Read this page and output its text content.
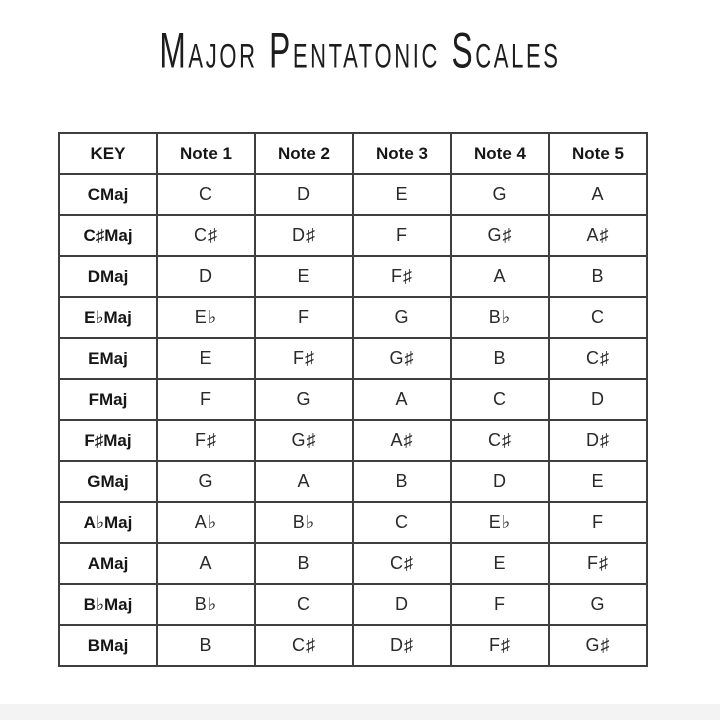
Major Pentatonic Scales
KEY	Note 1	Note 2	Note 3	Note 4	Note 5
CMaj	C	D	E	G	A
C♯Maj	C♯	D♯	F	G♯	A♯
DMaj	D	E	F♯	A	B
E♭Maj	E♭	F	G	B♭	C
EMaj	E	F♯	G♯	B	C♯
FMaj	F	G	A	C	D
F♯Maj	F♯	G♯	A♯	C♯	D♯
GMaj	G	A	B	D	E
A♭Maj	A♭	B♭	C	E♭	F
AMaj	A	B	C♯	E	F♯
B♭Maj	B♭	C	D	F	G
BMaj	B	C♯	D♯	F♯	G♯
